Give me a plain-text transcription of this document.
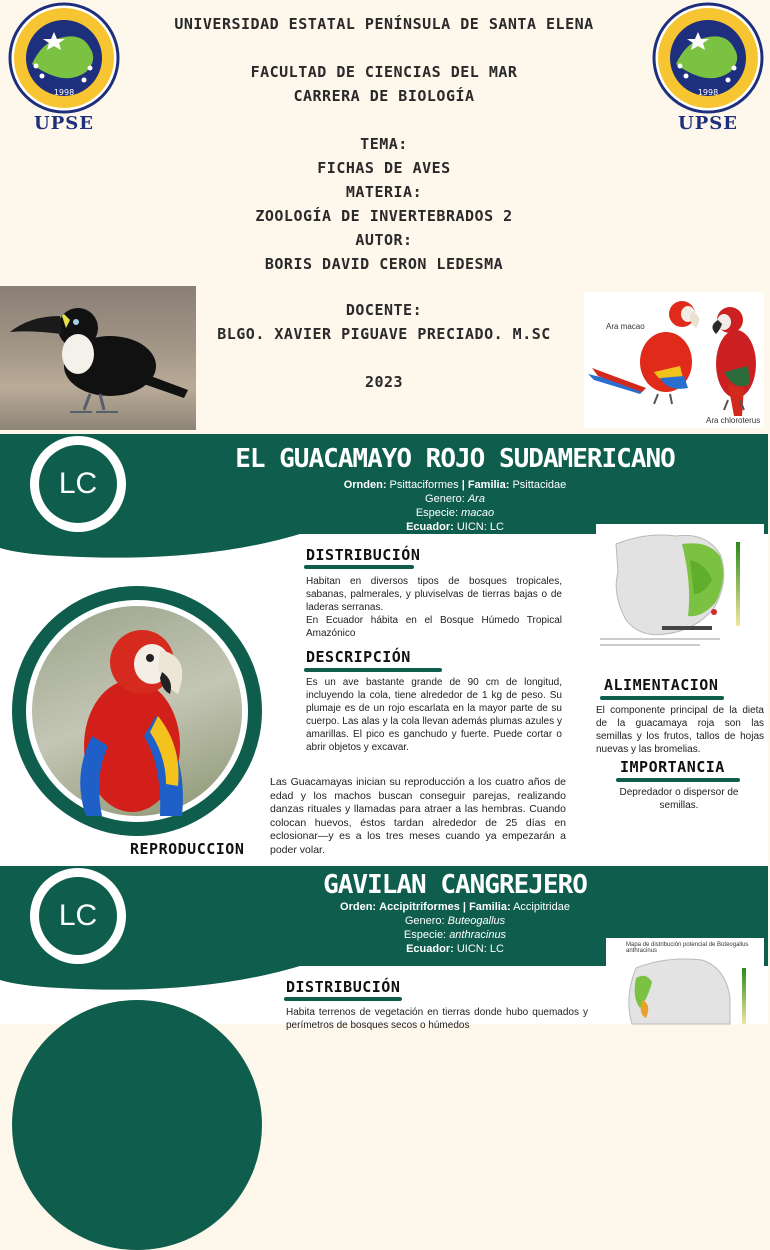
1998
UPSE
1998
UPSE
UNIVERSIDAD ESTATAL PENÍNSULA DE SANTA ELENA
FACULTAD DE CIENCIAS DEL MAR
CARRERA DE BIOLOGÍA
TEMA:
FICHAS DE AVES
MATERIA:
ZOOLOGÍA DE INVERTEBRADOS 2
AUTOR:
BORIS DAVID CERON LEDESMA
DOCENTE:
BLGO. XAVIER PIGUAVE PRECIADO. M.SC
2023
Ara macao
Ara chloroterus
LC
EL GUACAMAYO ROJO SUDAMERICANO
Ornden: Psittaciformes | Familia: Psittacidae
Genero: Ara
Especie: macao
Ecuador: UICN: LC
DISTRIBUCIÓN
Habitan en diversos tipos de bosques tropicales, sabanas, palmerales, y pluviselvas de tierras bajas o de laderas serranas.
En Ecuador hábita en el Bosque Húmedo Tropical Amazónico
DESCRIPCIÓN
Es un ave bastante grande de 90 cm de longitud, incluyendo la cola, tiene alrededor de 1 kg de peso. Su plumaje es de un rojo escarlata en la mayor parte de su cuerpo. Las alas y la cola llevan además plumas azules y amarillas. El pico es ganchudo y fuerte. Puede cortar o abrir objetos y excavar.
Las Guacamayas inician su reproducción a los cuatro años de edad y los machos buscan conseguir parejas, realizando danzas rituales y llamadas para atraer a las hembras. Cuando colocan huevos, éstos tardan alrededor de 25 días en eclosionar—y es a los tres meses cuando ya empezarán a poder volar.
REPRODUCCION
ALIMENTACION
El componente principal de la dieta de la guacamaya roja son las semillas y los frutos, tallos de hojas nuevas y las bromelias.
IMPORTANCIA
Depredador o dispersor de semillas.
LC
GAVILAN CANGREJERO
Orden: Accipitriformes | Familia: Accipitridae
Genero: Buteogallus
Especie: anthracinus
Ecuador: UICN: LC
DISTRIBUCIÓN
Habita terrenos de vegetación en tierras donde hubo quemados y perímetros de bosques secos o húmedos
Mapa de distribución potencial de Buteogallus anthracinus
